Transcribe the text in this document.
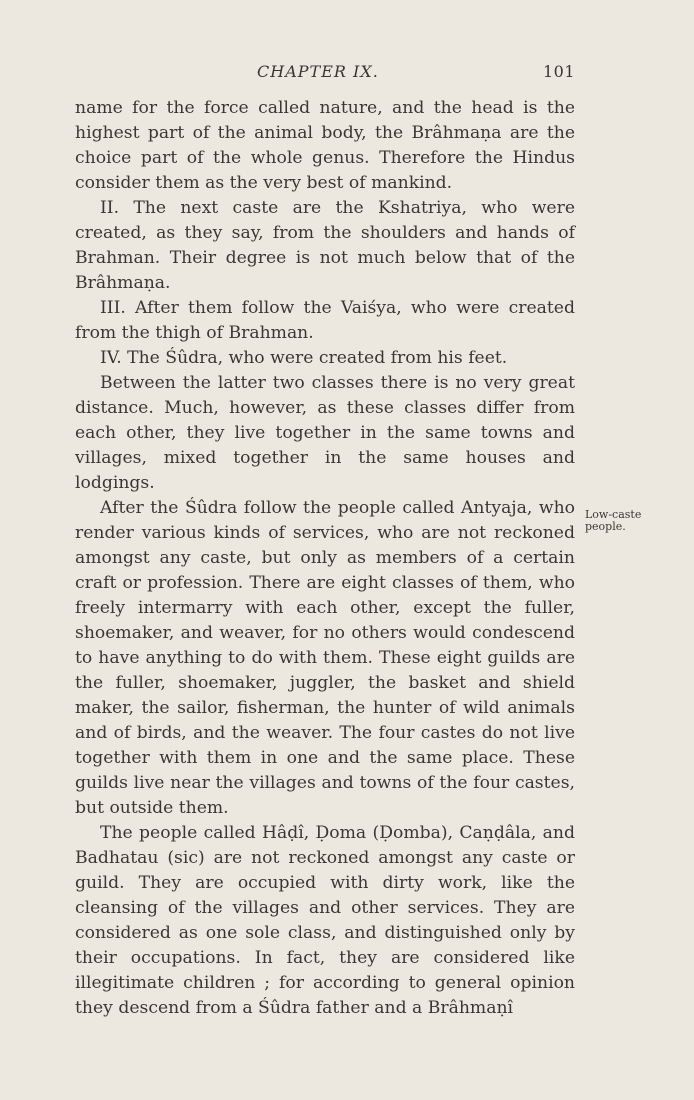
CHAPTER IX.	101

name for the force called nature, and the head is the highest part of the animal body, the Brâhmaṇa are the choice part of the whole genus. Therefore the Hindus consider them as the very best of mankind.

II. The next caste are the Kshatriya, who were created, as they say, from the shoulders and hands of Brahman. Their degree is not much below that of the Brâhmaṇa.

III. After them follow the Vaiśya, who were created from the thigh of Brahman.

IV. The Śûdra, who were created from his feet.

Between the latter two classes there is no very great distance. Much, however, as these classes differ from each other, they live together in the same towns and villages, mixed together in the same houses and lodgings.

After the Śûdra follow the people called Antyaja, who render various kinds of services, who are not reckoned amongst any caste, but only as members of a certain craft or profession. There are eight classes of them, who freely intermarry with each other, except the fuller, shoemaker, and weaver, for no others would condescend to have anything to do with them. These eight guilds are the fuller, shoemaker, juggler, the basket and shield maker, the sailor, fisherman, the hunter of wild animals and of birds, and the weaver. The four castes do not live together with them in one and the same place. These guilds live near the villages and towns of the four castes, but outside them.

The people called Hâḍî, Ḍoma (Ḍomba), Caṇḍâla, and Badhatau (sic) are not reckoned amongst any caste or guild. They are occupied with dirty work, like the cleansing of the villages and other services. They are considered as one sole class, and distinguished only by their occupations. In fact, they are considered like illegitimate children ; for according to general opinion they descend from a Śûdra father and a Brâhmaṇî

Low-caste people.
